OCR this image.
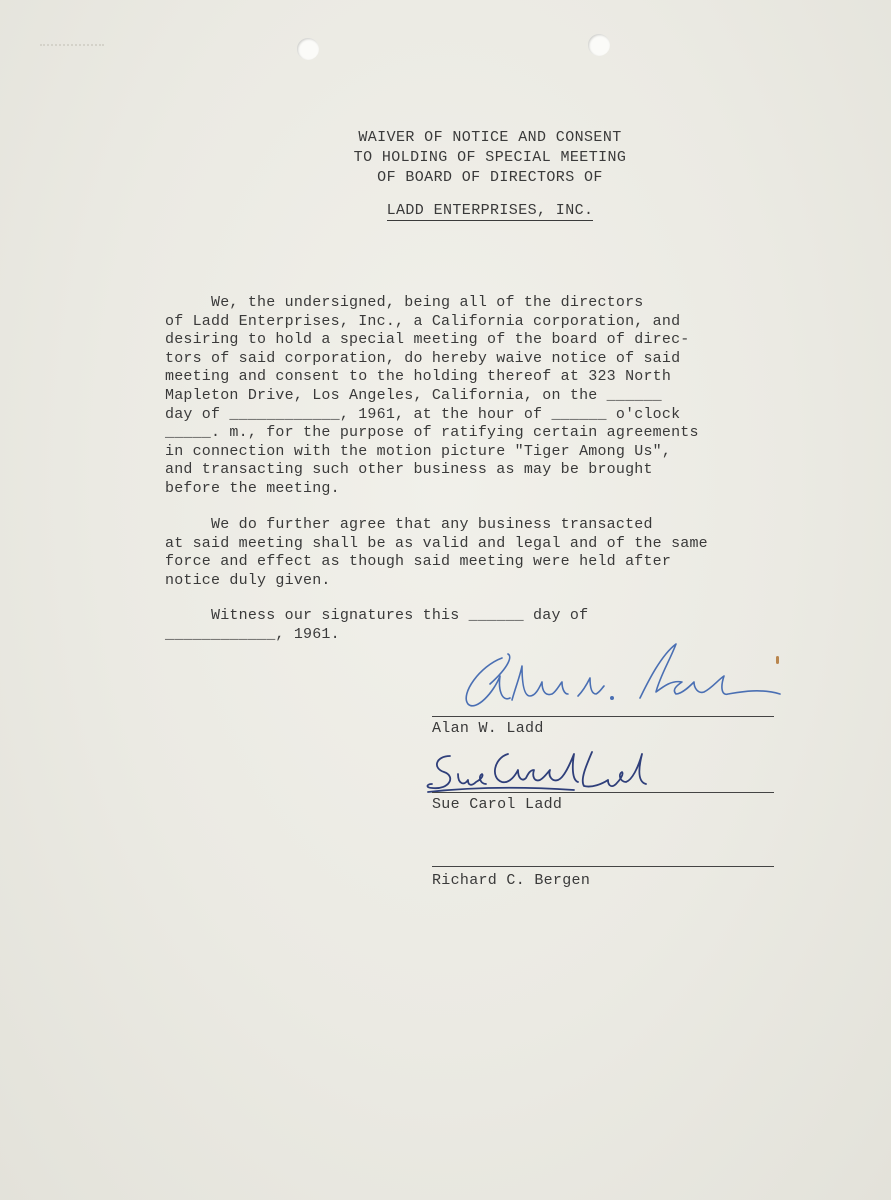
WAIVER OF NOTICE AND CONSENT
TO HOLDING OF SPECIAL MEETING
OF BOARD OF DIRECTORS OF
LADD ENTERPRISES, INC.
We, the undersigned, being all of the directors
of Ladd Enterprises, Inc., a California corporation, and
desiring to hold a special meeting of the board of direc-
tors of said corporation, do hereby waive notice of said
meeting and consent to the holding thereof at 323 North
Mapleton Drive, Los Angeles, California, on the ______
day of ____________, 1961, at the hour of ______ o'clock
_____. m., for the purpose of ratifying certain agreements
in connection with the motion picture "Tiger Among Us",
and transacting such other business as may be brought
before the meeting.
We do further agree that any business transacted
at said meeting shall be as valid and legal and of the same
force and effect as though said meeting were held after
notice duly given.
Witness our signatures this ______ day of
____________, 1961.
Alan W. Ladd
Sue Carol Ladd
Richard C. Bergen
